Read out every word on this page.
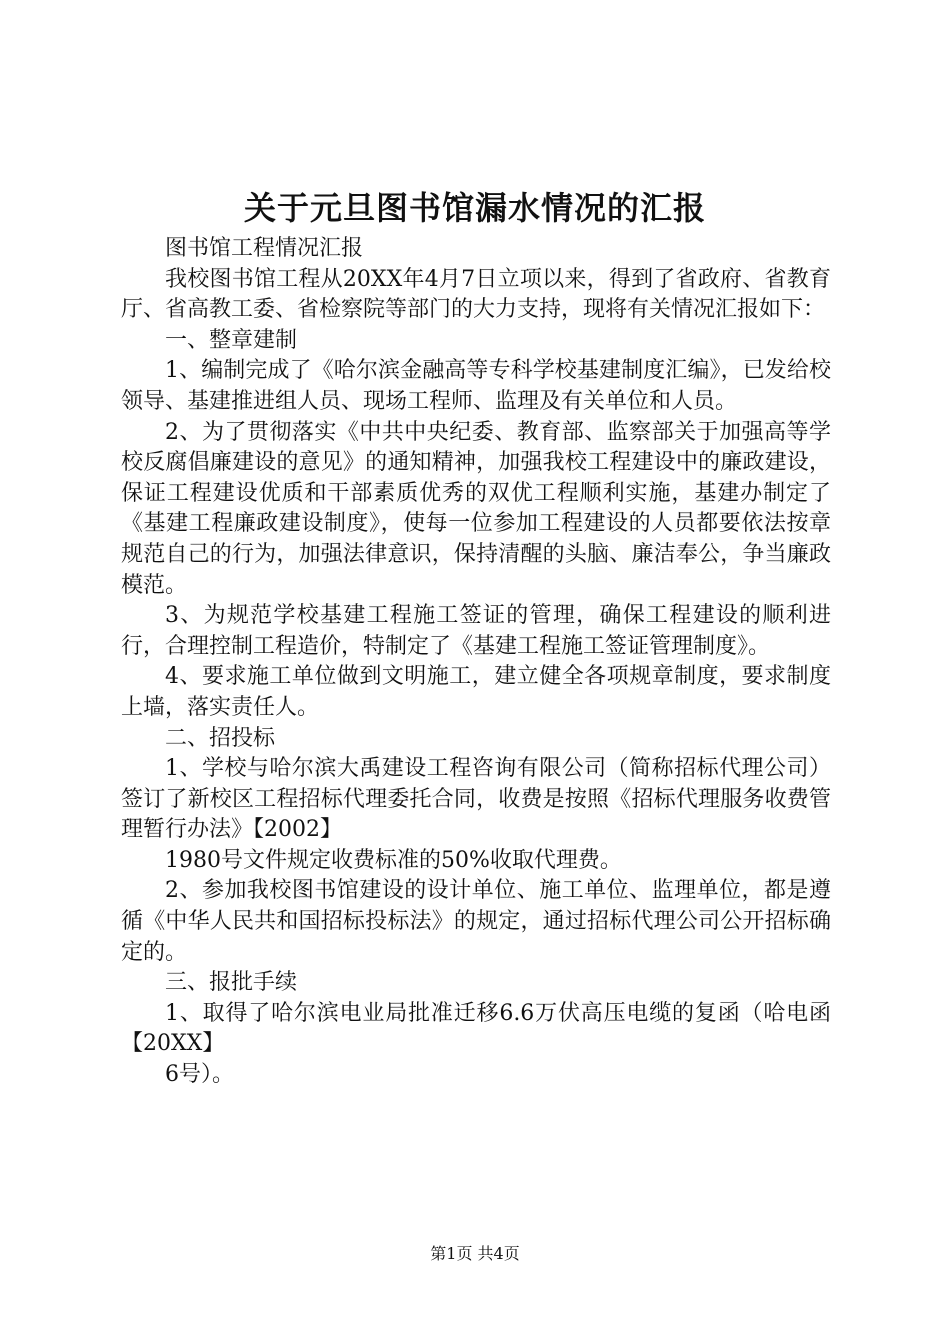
关于元旦图书馆漏水情况的汇报

图书馆工程情况汇报

我校图书馆工程从20XX年4月7日立项以来，得到了省政府、省教育厅、省高教工委、省检察院等部门的大力支持，现将有关情况汇报如下：

一、整章建制

1、编制完成了《哈尔滨金融高等专科学校基建制度汇编》，已发给校领导、基建推进组人员、现场工程师、监理及有关单位和人员。

2、为了贯彻落实《中共中央纪委、教育部、监察部关于加强高等学校反腐倡廉建设的意见》的通知精神，加强我校工程建设中的廉政建设，保证工程建设优质和干部素质优秀的双优工程顺利实施，基建办制定了《基建工程廉政建设制度》，使每一位参加工程建设的人员都要依法按章规范自己的行为，加强法律意识，保持清醒的头脑、廉洁奉公，争当廉政模范。

3、为规范学校基建工程施工签证的管理，确保工程建设的顺利进行，合理控制工程造价，特制定了《基建工程施工签证管理制度》。

4、要求施工单位做到文明施工，建立健全各项规章制度，要求制度上墙，落实责任人。

二、招投标

1、学校与哈尔滨大禹建设工程咨询有限公司（简称招标代理公司）签订了新校区工程招标代理委托合同，收费是按照《招标代理服务收费管理暂行办法》【2002】

1980号文件规定收费标准的50%收取代理费。

2、参加我校图书馆建设的设计单位、施工单位、监理单位，都是遵循《中华人民共和国招标投标法》的规定，通过招标代理公司公开招标确定的。

三、报批手续

1、取得了哈尔滨电业局批准迁移6.6万伏高压电缆的复函（哈电函【20XX】

6号）。

第1页 共4页
